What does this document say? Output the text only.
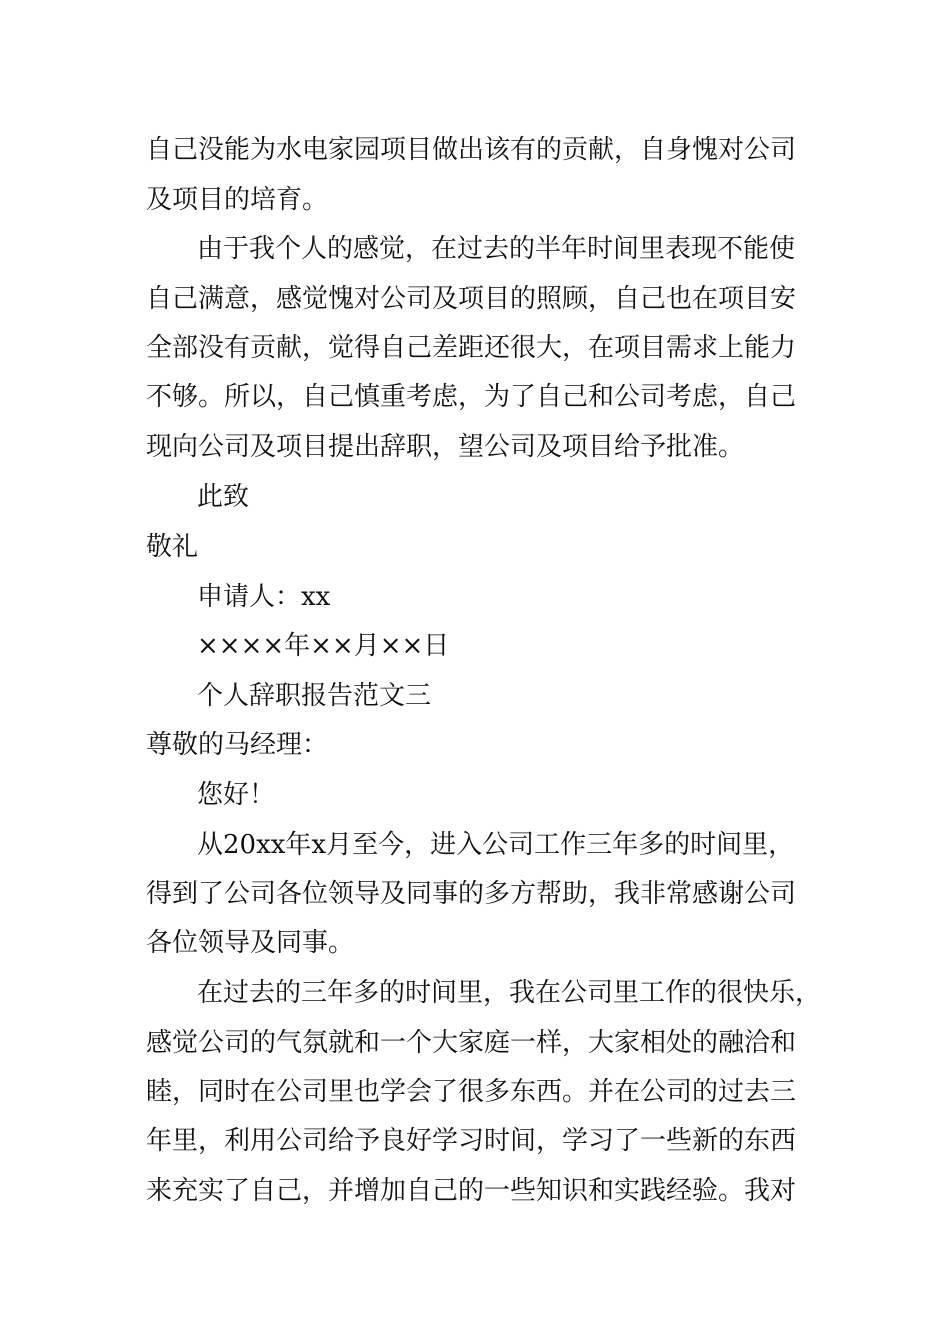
自己没能为水电家园项目做出该有的贡献，自身愧对公司
及项目的培育。
由于我个人的感觉，在过去的半年时间里表现不能使
自己满意，感觉愧对公司及项目的照顾，自己也在项目安
全部没有贡献，觉得自己差距还很大，在项目需求上能力
不够。所以，自己慎重考虑，为了自己和公司考虑，自己
现向公司及项目提出辞职，望公司及项目给予批准。
此致
敬礼
申请人：xx
××××年××月××日
个人辞职报告范文三
尊敬的马经理：
您好！
从20xx年x月至今，进入公司工作三年多的时间里，
得到了公司各位领导及同事的多方帮助，我非常感谢公司
各位领导及同事。
在过去的三年多的时间里，我在公司里工作的很快乐，
感觉公司的气氛就和一个大家庭一样，大家相处的融洽和
睦，同时在公司里也学会了很多东西。并在公司的过去三
年里，利用公司给予良好学习时间，学习了一些新的东西
来充实了自己，并增加自己的一些知识和实践经验。我对
